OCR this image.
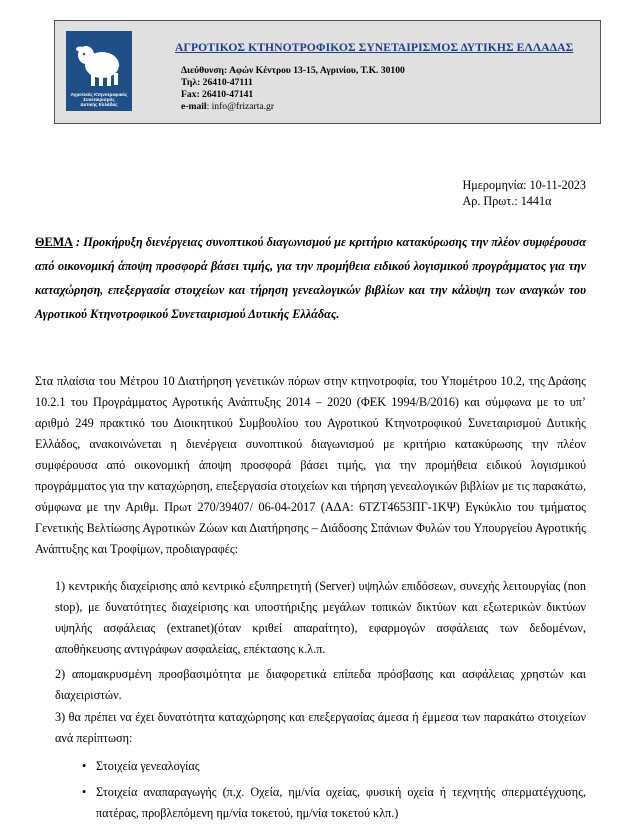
Αγροτικός Κτηνοτροφικός Συνεταιρισμός
Δυτικής Ελλάδας
ΑΓΡΟΤΙΚΟΣ ΚΤΗΝΟΤΡΟΦΙΚΟΣ ΣΥΝΕΤΑΙΡΙΣΜΟΣ ΔΥΤΙΚΗΣ ΕΛΛΑΔΑΣ
Διεύθυνση: Αφών Κέντρου 13-15, Αγρινίου, Τ.Κ. 30100
Τηλ: 26410-47111
Fax: 26410-47141
e-mail: info@frizarta.gr
Ημερομηνία: 10-11-2023
Αρ. Πρωτ.: 1441α
ΘΕΜΑ : Προκήρυξη διενέργειας συνοπτικού διαγωνισμού με κριτήριο κατακύρωσης την πλέον συμφέρουσα από οικονομική άποψη προσφορά βάσει τιμής, για την προμήθεια ειδικού λογισμικού προγράμματος για την καταχώρηση, επεξεργασία στοιχείων και τήρηση γενεαλογικών βιβλίων και την κάλυψη των αναγκών του Αγροτικού Κτηνοτροφικού Συνεταιρισμού Δυτικής Ελλάδας.
Στα πλαίσια του Μέτρου 10 Διατήρηση γενετικών πόρων στην κτηνοτροφία, του Υπομέτρου 10.2, της Δράσης 10.2.1 του Προγράμματος Αγροτικής Ανάπτυξης 2014 – 2020 (ΦΕΚ 1994/Β/2016) και σύμφωνα με το υπ’ αριθμό 249 πρακτικό του Διοικητικού Συμβουλίου του Αγροτικού Κτηνοτροφικού Συνεταιρισμού Δυτικής Ελλάδος, ανακοινώνεται η διενέργεια συνοπτικού διαγωνισμού με κριτήριο κατακύρωσης την πλέον συμφέρουσα από οικονομική άποψη προσφορά βάσει τιμής, για την προμήθεια ειδικού λογισμικού προγράμματος για την καταχώρηση, επεξεργασία στοιχείων και τήρηση γενεαλογικών βιβλίων με τις παρακάτω, σύμφωνα με την Αριθμ. Πρωτ 270/39407/ 06-04-2017 (ΑΔΑ: 6ΤΖΤ4653ΠΓ-1ΚΨ) Εγκύκλιο του τμήματος Γενετικής Βελτίωσης Αγροτικών Ζώων και Διατήρησης – Διάδοσης Σπάνιων Φυλών του Υπουργείου Αγροτικής Ανάπτυξης και Τροφίμων, προδιαγραφές:
1) κεντρικής διαχείρισης από κεντρικό εξυπηρετητή (Server) υψηλών επιδόσεων, συνεχής λειτουργίας (non stop), με δυνατότητες διαχείρισης και υποστήριξης μεγάλων τοπικών δικτύων και εξωτερικών δικτύων υψηλής ασφάλειας (extranet)(όταν κριθεί απαραίτητο), εφαρμογών ασφάλειας των δεδομένων, αποθήκευσης αντιγράφων ασφαλείας, επέκτασης κ.λ.π.
2) απομακρυσμένη προσβασιμότητα με διαφορετικά επίπεδα πρόσβασης και ασφάλειας χρηστών και διαχειριστών.
3) θα πρέπει να έχει δυνατότητα καταχώρησης και επεξεργασίας άμεσα ή έμμεσα των παρακάτω στοιχείων ανά περίπτωση:
• Στοιχεία γενεαλογίας
• Στοιχεία αναπαραγωγής (π.χ. Οχεία, ημ/νία οχείας, φυσική οχεία ή τεχνητής σπερματέγχυσης, πατέρας, προβλεπόμενη ημ/νία τοκετού, ημ/νία τοκετού κλπ.)
